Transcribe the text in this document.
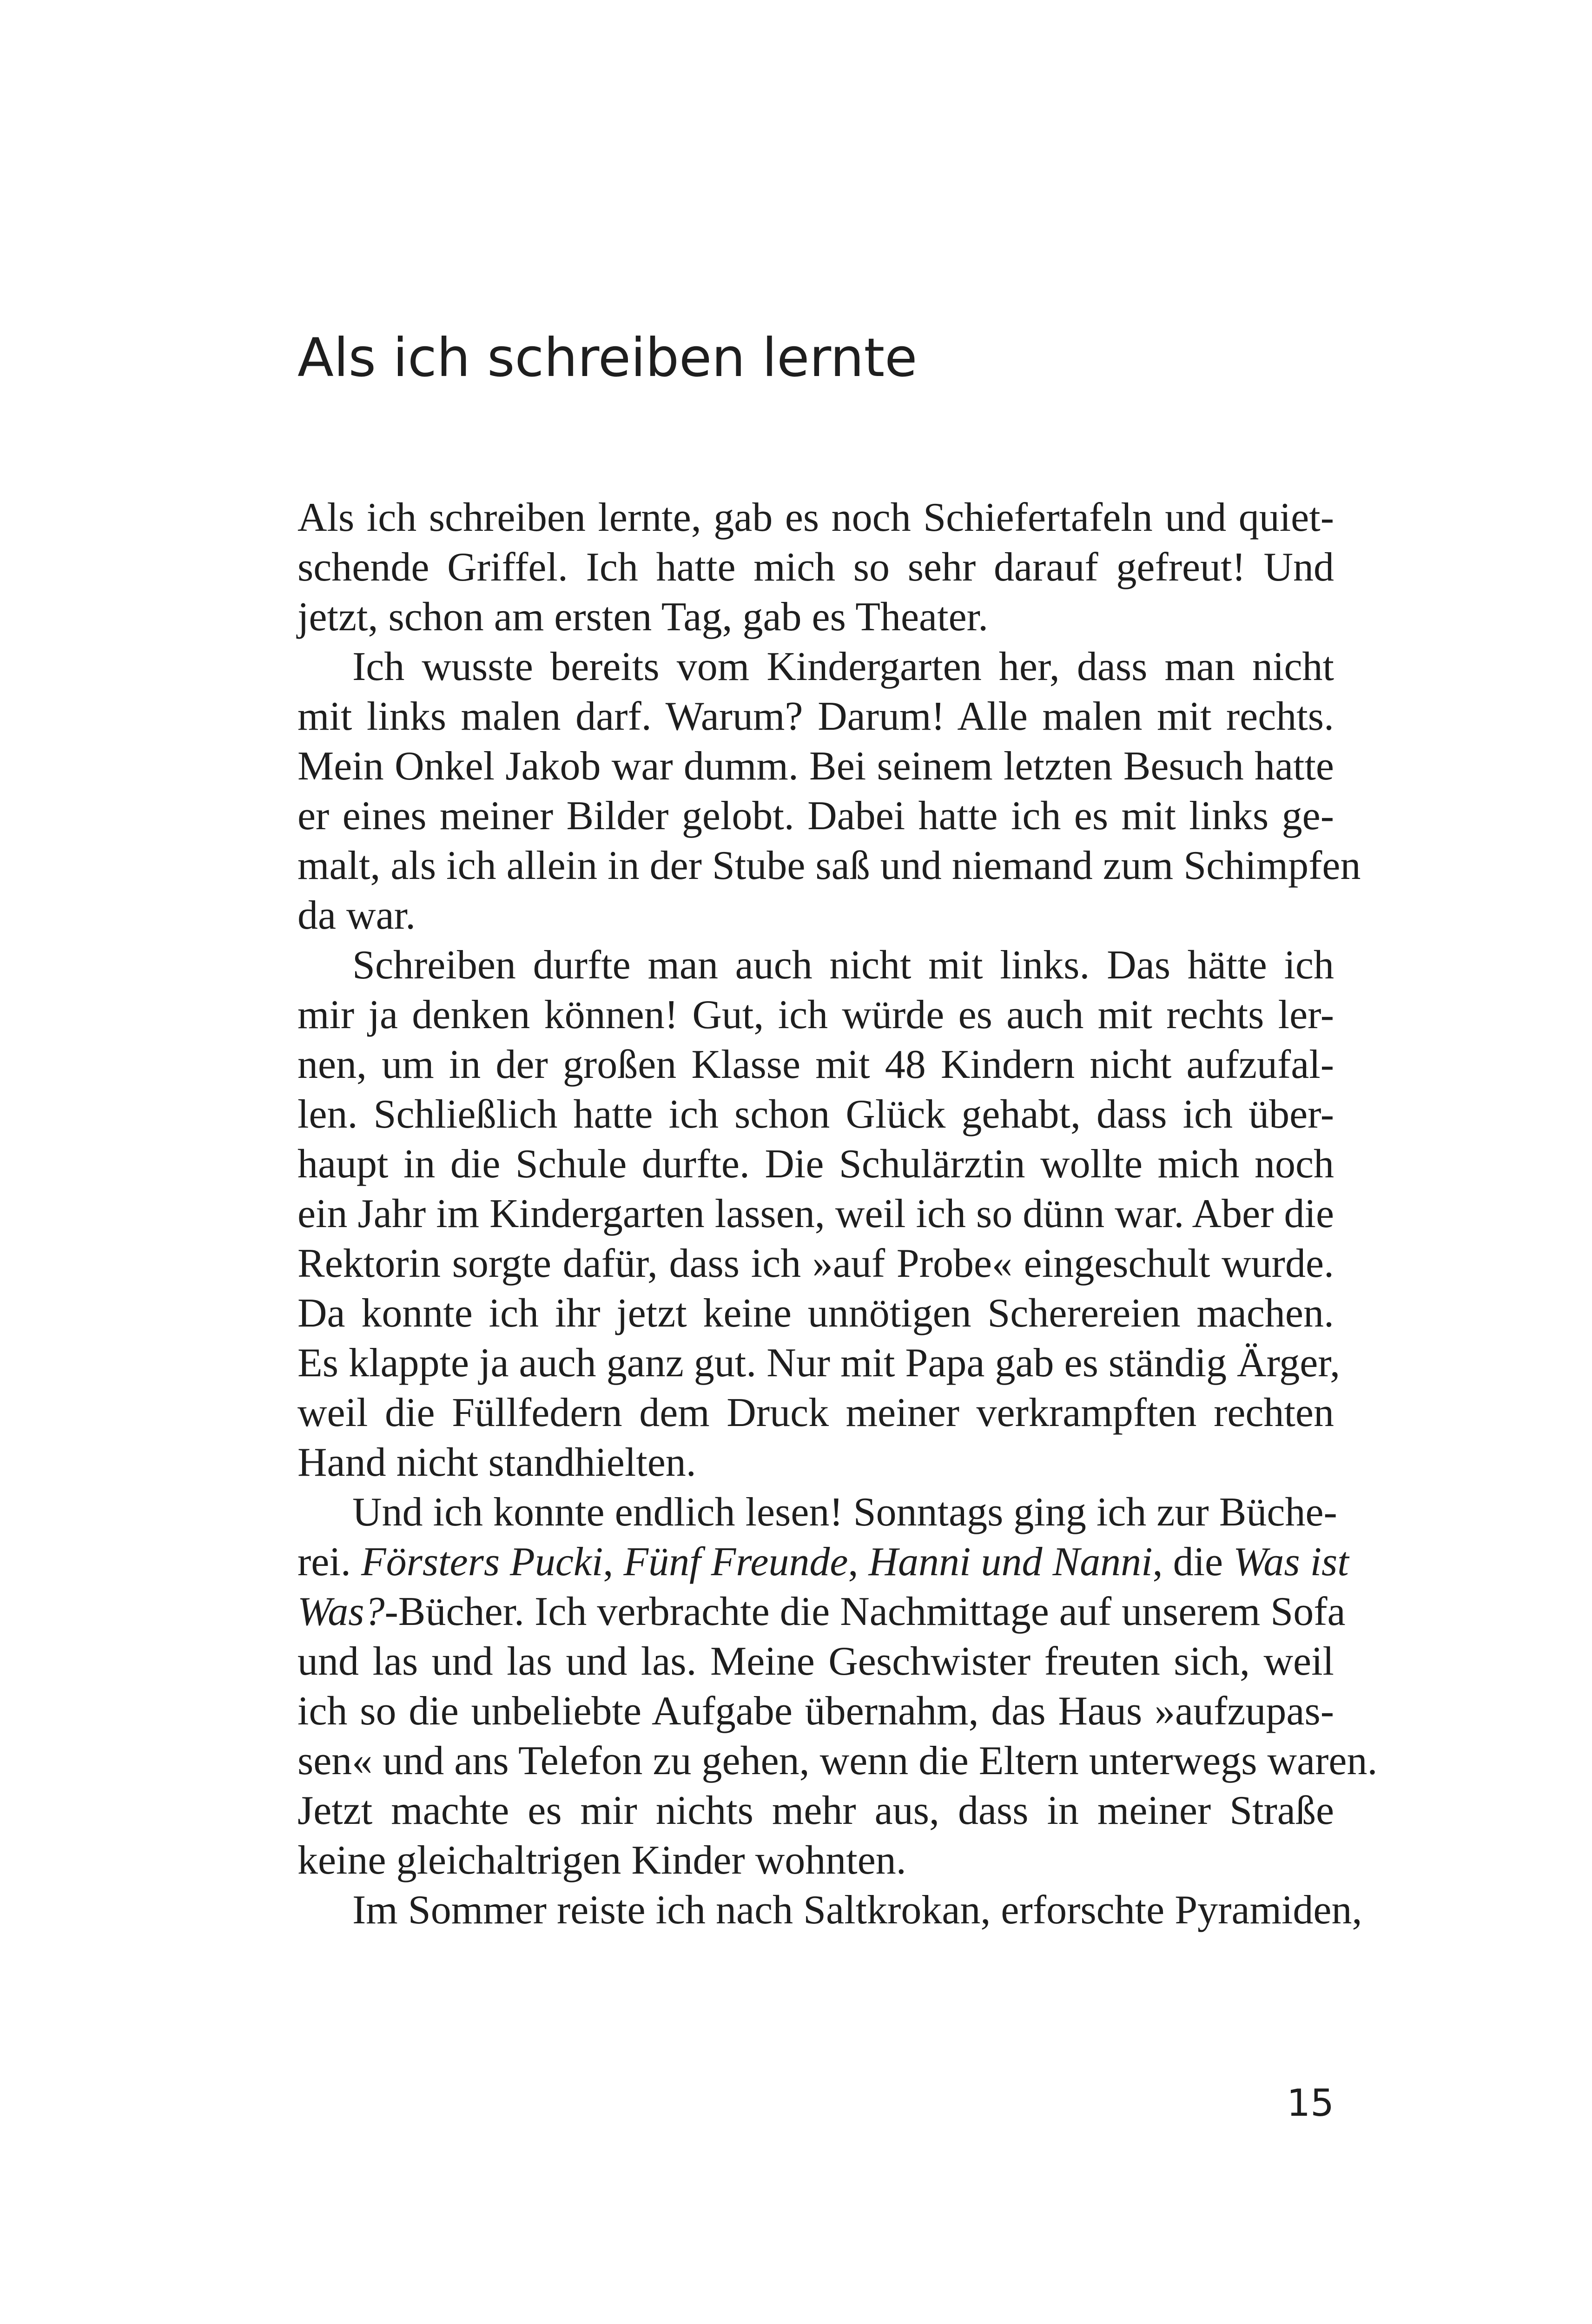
Als ich schreiben lernte
Als ich schreiben lernte, gab es noch Schiefertafeln und quiet-
schende Griffel. Ich hatte mich so sehr darauf gefreut! Und
jetzt, schon am ersten Tag, gab es Theater.
Ich wusste bereits vom Kindergarten her, dass man nicht
mit links malen darf. Warum? Darum! Alle malen mit rechts.
Mein Onkel Jakob war dumm. Bei seinem letzten Besuch hatte
er eines meiner Bilder gelobt. Dabei hatte ich es mit links ge-
malt, als ich allein in der Stube saß und niemand zum Schimpfen
da war.
Schreiben durfte man auch nicht mit links. Das hätte ich
mir ja denken können! Gut, ich würde es auch mit rechts ler-
nen, um in der großen Klasse mit 48 Kindern nicht aufzufal-
len. Schließlich hatte ich schon Glück gehabt, dass ich über-
haupt in die Schule durfte. Die Schulärztin wollte mich noch
ein Jahr im Kindergarten lassen, weil ich so dünn war. Aber die
Rektorin sorgte dafür, dass ich »auf Probe« eingeschult wurde.
Da konnte ich ihr jetzt keine unnötigen Scherereien machen.
Es klappte ja auch ganz gut. Nur mit Papa gab es ständig Ärger,
weil die Füllfedern dem Druck meiner verkrampften rechten
Hand nicht standhielten.
Und ich konnte endlich lesen! Sonntags ging ich zur Büche-
rei. Försters Pucki, Fünf Freunde, Hanni und Nanni, die Was ist
Was?-Bücher. Ich verbrachte die Nachmittage auf unserem Sofa
und las und las und las. Meine Geschwister freuten sich, weil
ich so die unbeliebte Aufgabe übernahm, das Haus »aufzupas-
sen« und ans Telefon zu gehen, wenn die Eltern unterwegs waren.
Jetzt machte es mir nichts mehr aus, dass in meiner Straße
keine gleichaltrigen Kinder wohnten.
Im Sommer reiste ich nach Saltkrokan, erforschte Pyramiden,

15
